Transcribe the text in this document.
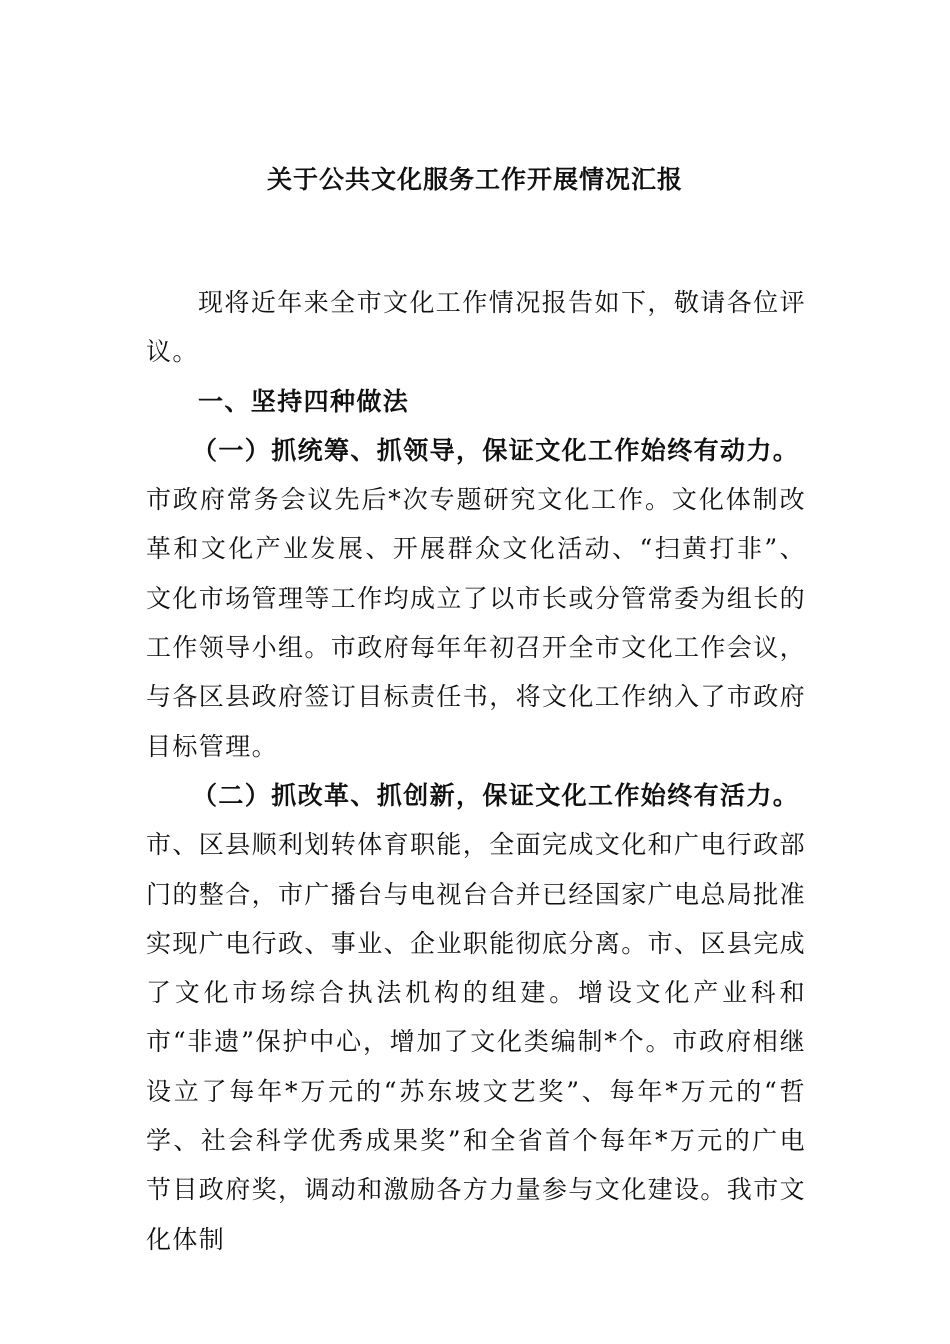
关于公共文化服务工作开展情况汇报

现将近年来全市文化工作情况报告如下，敬请各位评议。

一、坚持四种做法

（一）抓统筹、抓领导，保证文化工作始终有动力。

市政府常务会议先后*次专题研究文化工作。文化体制改革和文化产业发展、开展群众文化活动、“扫黄打非”、文化市场管理等工作均成立了以市长或分管常委为组长的工作领导小组。市政府每年年初召开全市文化工作会议，与各区县政府签订目标责任书，将文化工作纳入了市政府目标管理。

（二）抓改革、抓创新，保证文化工作始终有活力。

市、区县顺利划转体育职能，全面完成文化和广电行政部门的整合，市广播台与电视台合并已经国家广电总局批准实现广电行政、事业、企业职能彻底分离。市、区县完成了文化市场综合执法机构的组建。增设文化产业科和市“非遗”保护中心，增加了文化类编制*个。市政府相继设立了每年*万元的“苏东坡文艺奖”、每年*万元的“哲学、社会科学优秀成果奖”和全省首个每年*万元的广电节目政府奖，调动和激励各方力量参与文化建设。我市文化体制
